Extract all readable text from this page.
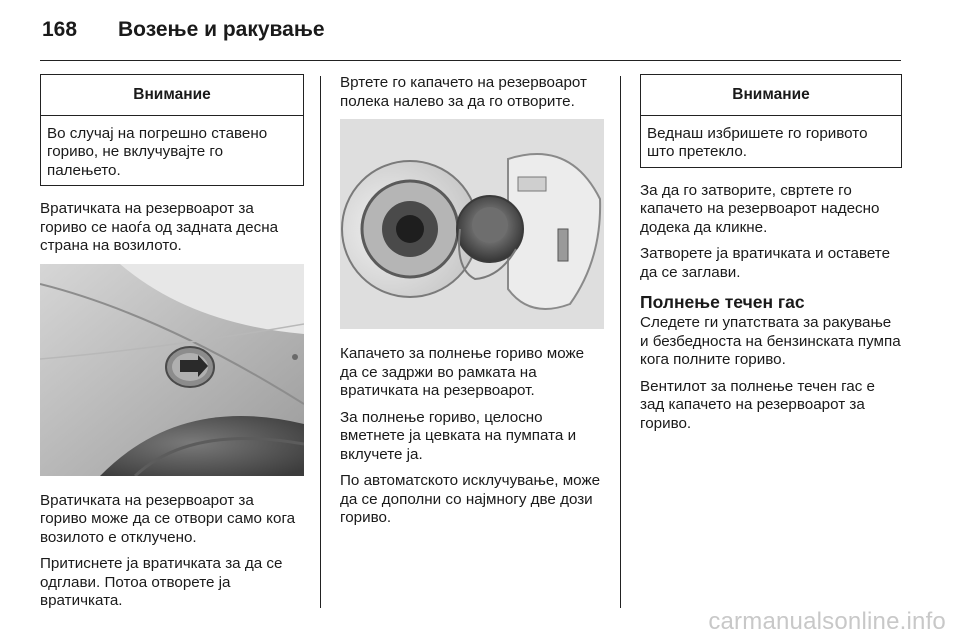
168 Возење и ракување
Внимание
Во случај на погрешно ставено гориво, не вклучувајте го палењето.

Вратичката на резервоарот за гориво се наоѓа од задната десна страна на возилото.

Вратичката на резервоарот за гориво може да се отвори само кога возилото е отклучено.

Притиснете ја вратичката за да се одглави. Потоа отворете ја вратичката.

Вртете го капачето на резервоарот полека налево за да го отворите.

Капачето за полнење гориво може да се задржи во рамката на вратичката на резервоарот.

За полнење гориво, целосно вметнете ја цевката на пумпата и вклучете ја.

По автоматското исклучување, може да се дополни со најмногу две дози гориво.

Внимание
Веднаш избришете го горивото што претекло.

За да го затворите, свртете го капачето на резервоарот надесно додека да кликне.

Затворете ја вратичката и оставете да се заглави.

Полнење течен гас

Следете ги упатствата за ракување и безбедноста на бензинската пумпа кога полните гориво.

Вентилот за полнење течен гас е зад капачето на резервоарот за гориво.

carmanualsonline.info
